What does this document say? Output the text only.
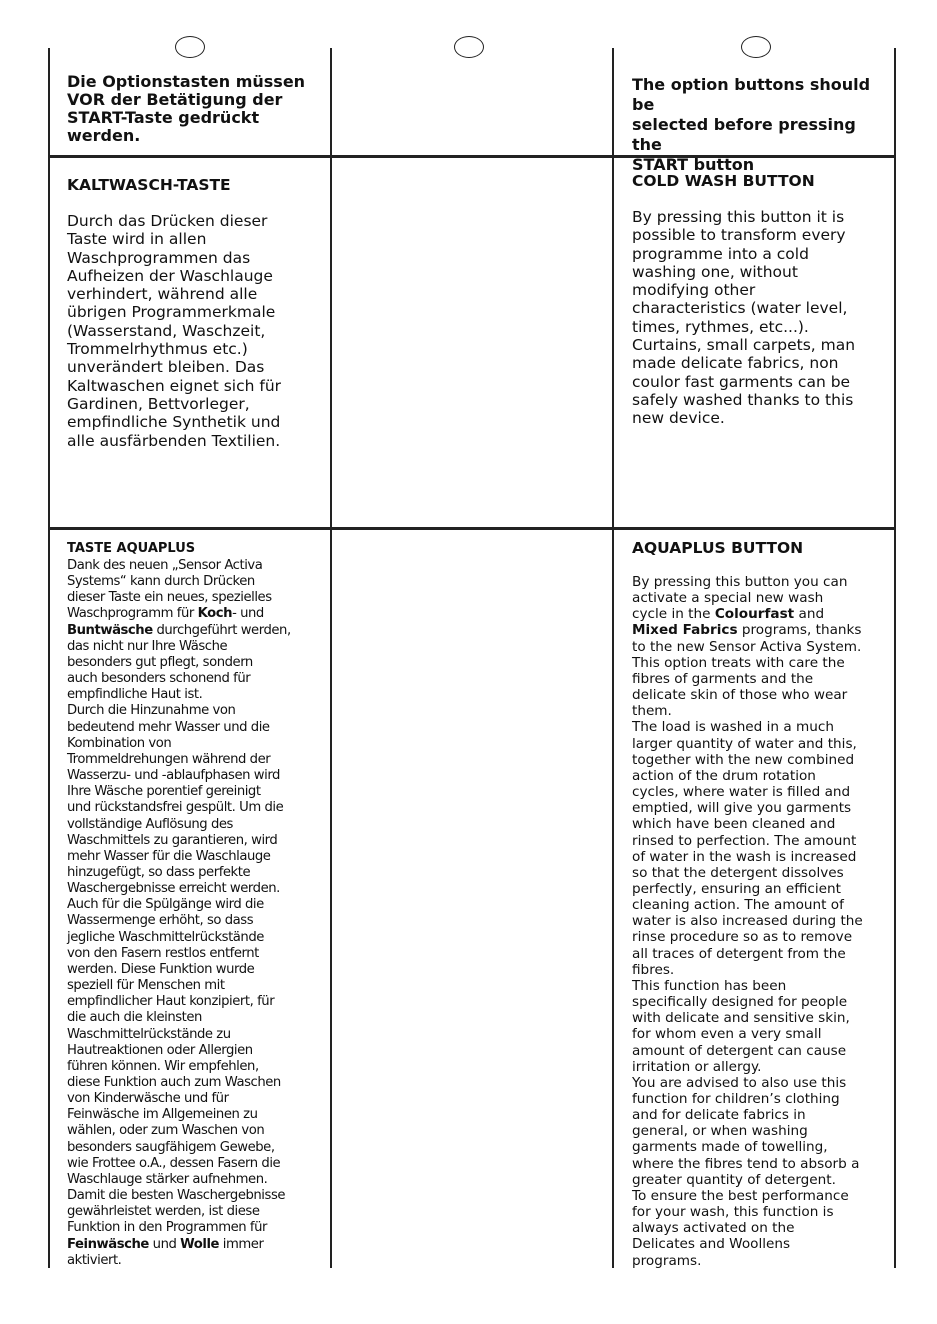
Die Optionstasten müssen
VOR der Betätigung der
START-Taste gedrückt
werden.
The option buttons should be
selected before pressing the
START button
KALTWASCH-TASTE
Durch das Drücken dieser
Taste wird in allen
Waschprogrammen das
Aufheizen der Waschlauge
verhindert, während alle
übrigen Programmerkmale
(Wasserstand, Waschzeit,
Trommelrhythmus etc.)
unverändert bleiben. Das
Kaltwaschen eignet sich für
Gardinen, Bettvorleger,
empfindliche Synthetik und
alle ausfärbenden Textilien.
COLD WASH BUTTON
By pressing this button it is
possible to transform every
programme into a cold
washing one, without
modifying other
characteristics (water level,
times, rythmes, etc...).
Curtains, small carpets, man
made delicate fabrics, non
coulor fast garments can be
safely washed thanks to this
new device.
TASTE AQUAPLUS
Dank des neuen „Sensor Activa
Systems“ kann durch Drücken
dieser Taste ein neues, spezielles
Waschprogramm für Koch- und
Buntwäsche durchgeführt werden,
das nicht nur Ihre Wäsche
besonders gut pflegt, sondern
auch besonders schonend für
empfindliche Haut ist.
Durch die Hinzunahme von
bedeutend mehr Wasser und die
Kombination von
Trommeldrehungen während der
Wasserzu- und -ablaufphasen wird
Ihre Wäsche porentief gereinigt
und rückstandsfrei gespült. Um die
vollständige Auflösung des
Waschmittels zu garantieren, wird
mehr Wasser für die Waschlauge
hinzugefügt, so dass perfekte
Waschergebnisse erreicht werden.
Auch für die Spülgänge wird die
Wassermenge erhöht, so dass
jegliche Waschmittelrückstände
von den Fasern restlos entfernt
werden. Diese Funktion wurde
speziell für Menschen mit
empfindlicher Haut konzipiert, für
die auch die kleinsten
Waschmittelrückstände zu
Hautreaktionen oder Allergien
führen können. Wir empfehlen,
diese Funktion auch zum Waschen
von Kinderwäsche und für
Feinwäsche im Allgemeinen zu
wählen, oder zum Waschen von
besonders saugfähigem Gewebe,
wie Frottee o.A., dessen Fasern die
Waschlauge stärker aufnehmen.
Damit die besten Waschergebnisse
gewährleistet werden, ist diese
Funktion in den Programmen für
Feinwäsche und Wolle immer
aktiviert.
AQUAPLUS BUTTON
By pressing this button you can
activate a special new wash
cycle in the Colourfast and
Mixed Fabrics programs, thanks
to the new Sensor Activa System.
This option treats with care the
fibres of garments and the
delicate skin of those who wear
them.
The load is washed in a much
larger quantity of water and this,
together with the new combined
action of the drum rotation
cycles, where water is filled and
emptied, will give you garments
which have been cleaned and
rinsed to perfection. The amount
of water in the wash is increased
so that the detergent dissolves
perfectly, ensuring an efficient
cleaning action. The amount of
water is also increased during the
rinse procedure so as to remove
all traces of detergent from the
fibres.
This function has been
specifically designed for people
with delicate and sensitive skin,
for whom even a very small
amount of detergent can cause
irritation or allergy.
You are advised to also use this
function for children’s clothing
and for delicate fabrics in
general, or when washing
garments made of towelling,
where the fibres tend to absorb a
greater quantity of detergent.
To ensure the best performance
for your wash, this function is
always activated on the
Delicates and Woollens
programs.
